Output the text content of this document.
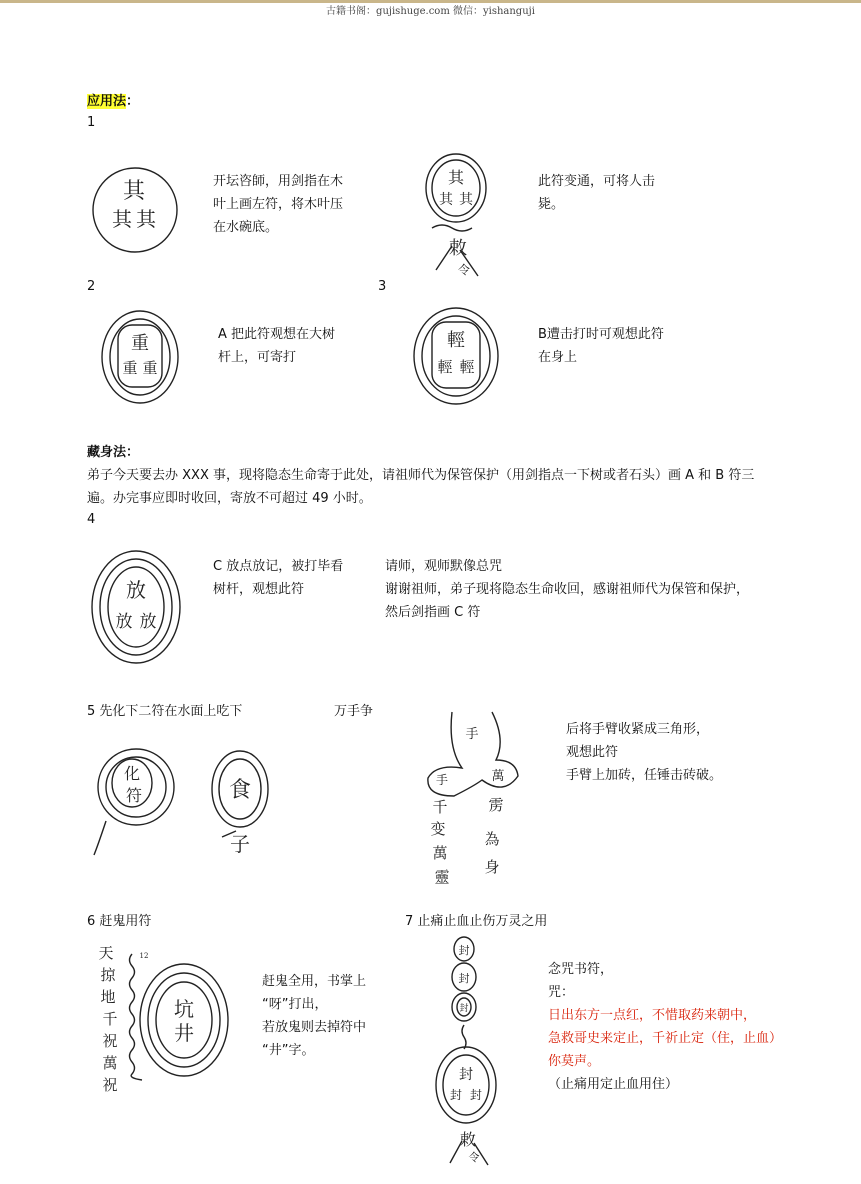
古籍书阁：gujishuge.com 微信：yishanguji
应用法：
1
其
其 其
开坛咨師，用剑指在木
叶上画左符，将木叶压
在水碗底。
其
其 其
敕
令
此符变通，可将人击
毙。
2	3
重
重 重
A 把此符观想在大树
杆上，可寄打
輕
輕 輕
B遭击打时可观想此符
在身上
藏身法：
弟子今天要去办 XXX 事，现将隐态生命寄于此处，请祖师代为保管保护（用剑指点一下树或者石头）画 A 和 B 符三
遍。办完事应即时收回，寄放不可超过 49 小时。
4
放
放 放
C 放点放记，被打毕看
树杆，观想此符
请师，观师默像总咒
谢谢祖师，弟子现将隐态生命收回，感谢祖师代为保管和保护，
然后剑指画 C 符
5 先化下二符在水面上吃下	万手争
化
符	食
子
手
手	萬
千
变
萬
靈
雳
為
身
后将手臂收紧成三角形，
观想此符
手臂上加砖，任锤击砖破。
6 赶鬼用符
天
掠
地
千
祝
萬
祝
12
坑
井
赶鬼全用，书掌上
“呀”打出，
若放鬼则去掉符中
“井”字。
7 止痛止血止伤万灵之用
封
封
封
封
封 封
敕
令
念咒书符，
咒：
日出东方一点红，不惜取药来朝中，
急救哥史来定止，千祈止定（住，止血）
你莫声。
（止痛用定止血用住）
